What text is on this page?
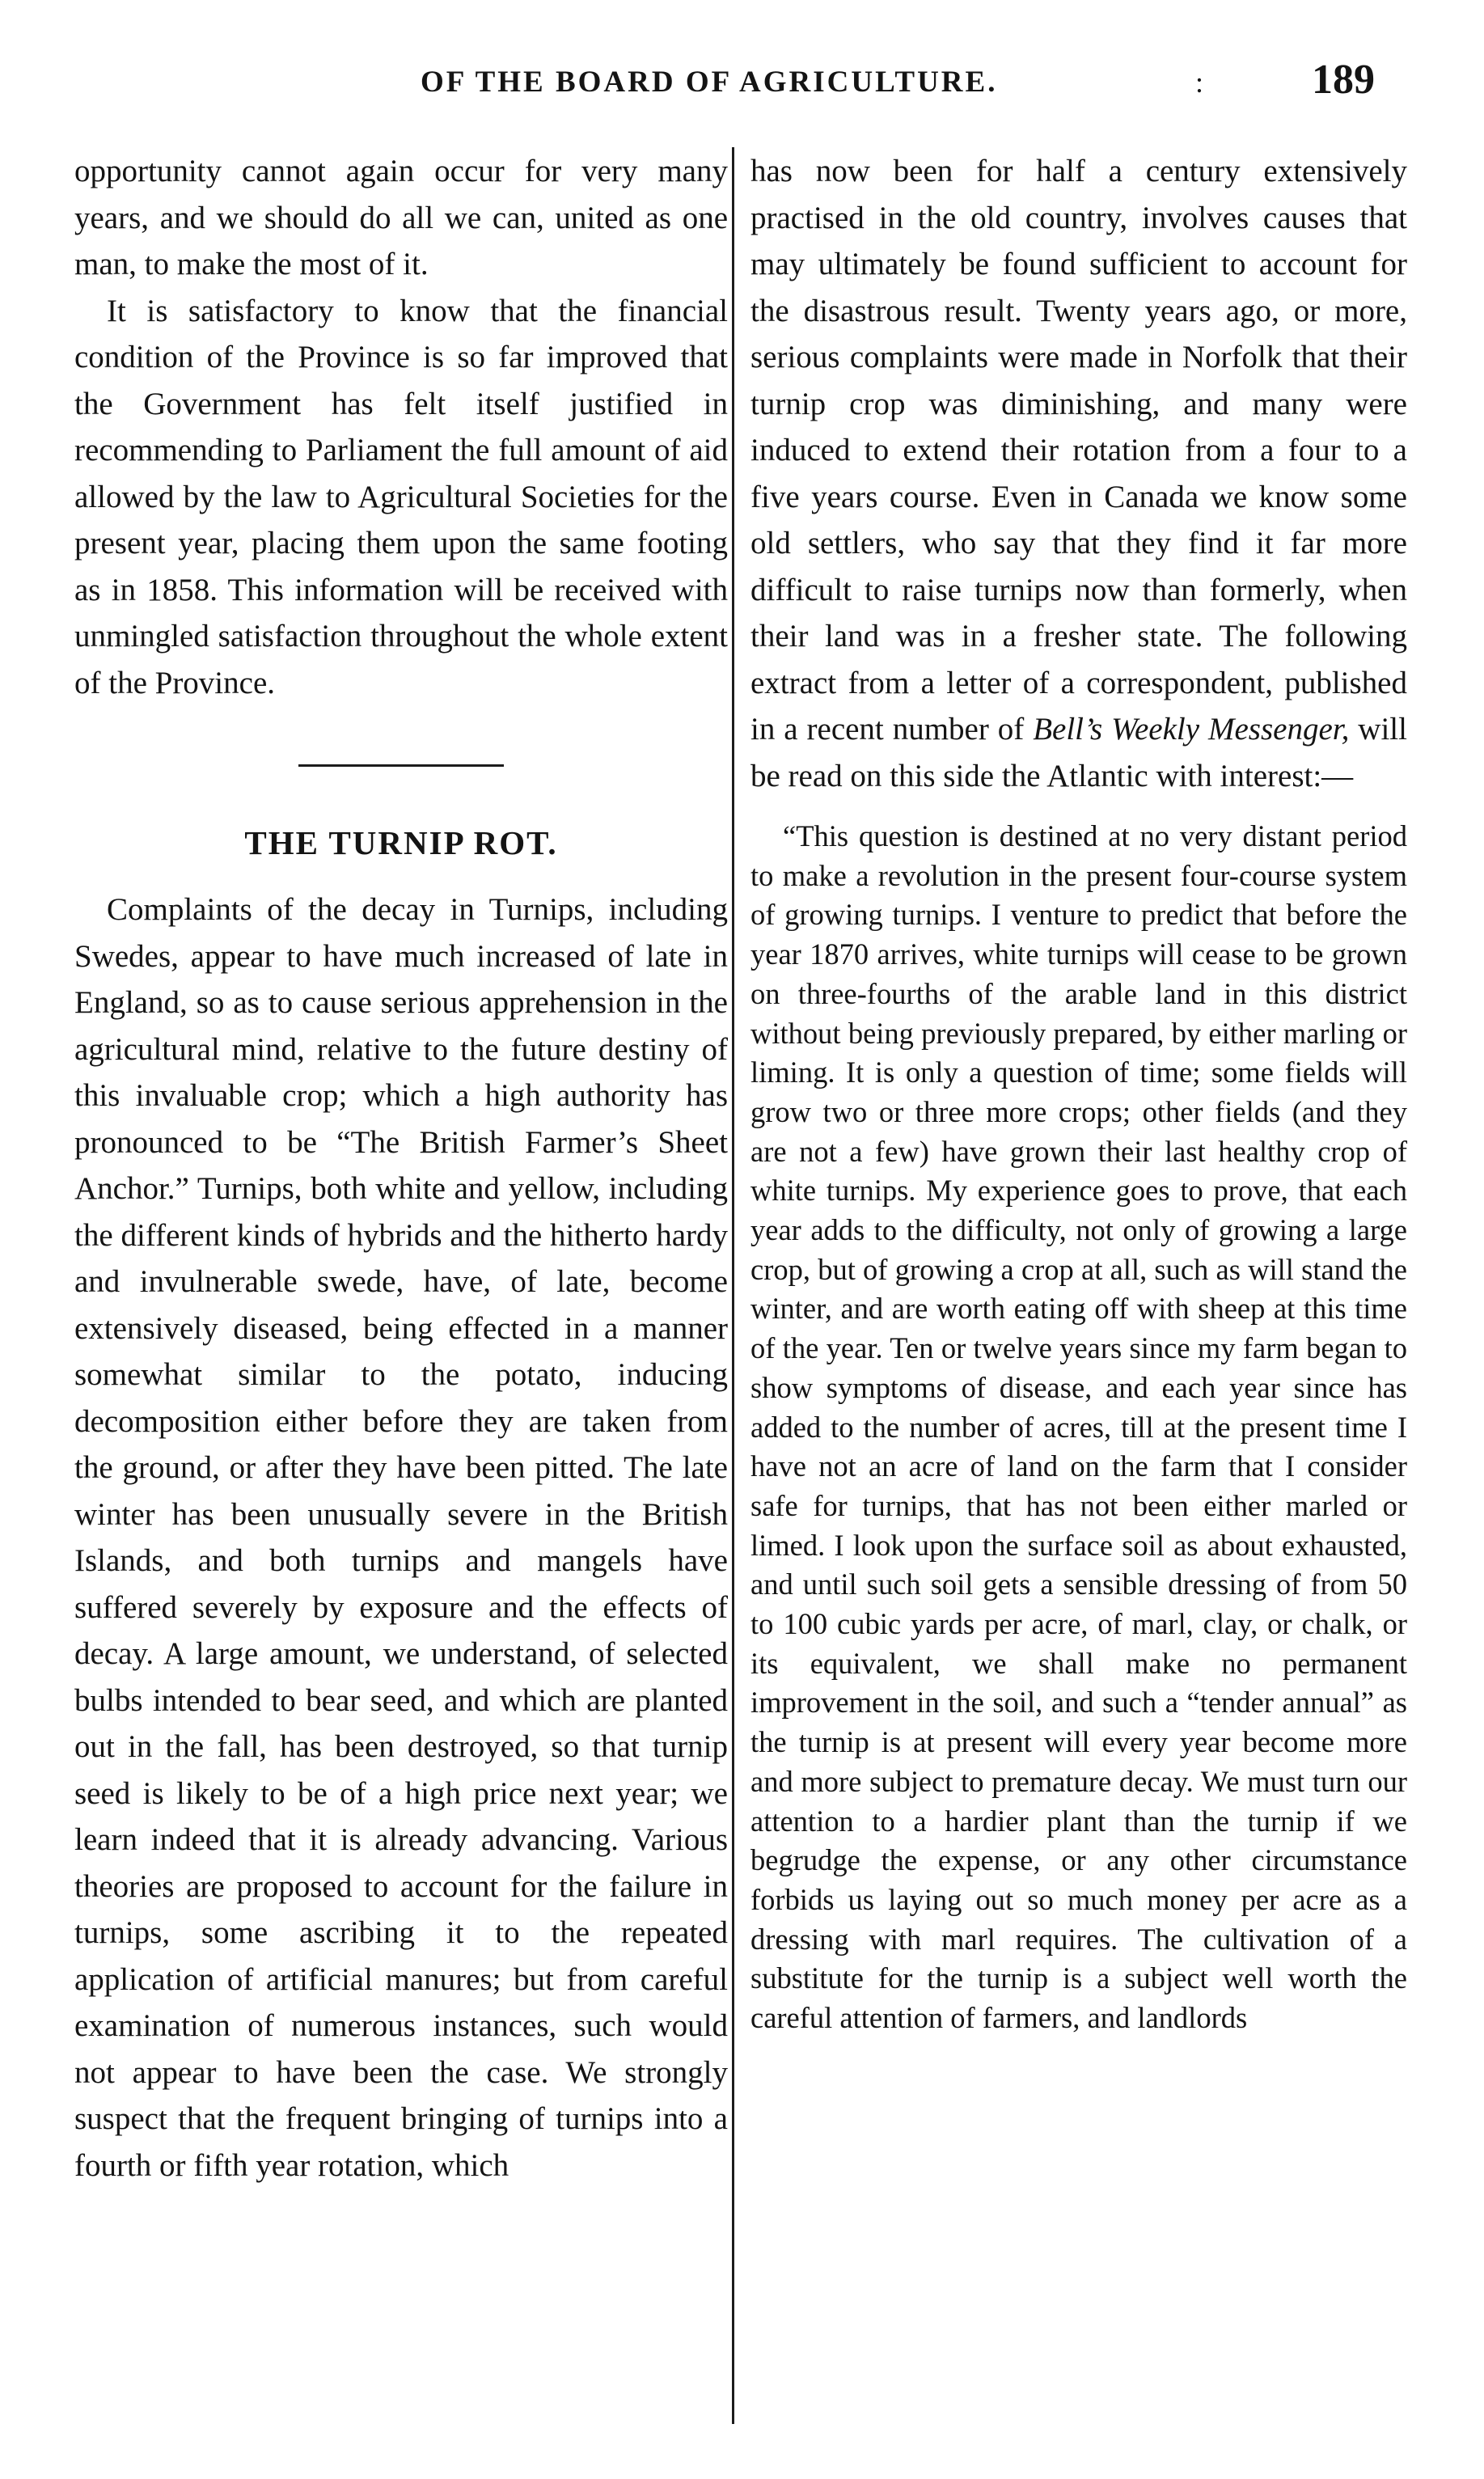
OF THE BOARD OF AGRICULTURE.	:	189

opportunity cannot again occur for very many years, and we should do all we can, united as one man, to make the most of it.

It is satisfactory to know that the financial condition of the Province is so far improved that the Government has felt itself justified in recommending to Parliament the full amount of aid allowed by the law to Agricultural Societies for the present year, placing them upon the same footing as in 1858. This information will be received with unmingled satisfaction throughout the whole extent of the Province.

THE TURNIP ROT.

Complaints of the decay in Turnips, including Swedes, appear to have much increased of late in England, so as to cause serious apprehension in the agricultural mind, relative to the future destiny of this invaluable crop; which a high authority has pronounced to be “The British Farmer’s Sheet Anchor.” Turnips, both white and yellow, including the different kinds of hybrids and the hitherto hardy and invulnerable swede, have, of late, become extensively diseased, being effected in a manner somewhat similar to the potato, inducing decomposition either before they are taken from the ground, or after they have been pitted. The late winter has been unusually severe in the British Islands, and both turnips and mangels have suffered severely by exposure and the effects of decay. A large amount, we understand, of selected bulbs intended to bear seed, and which are planted out in the fall, has been destroyed, so that turnip seed is likely to be of a high price next year; we learn indeed that it is already advancing. Various theories are proposed to account for the failure in turnips, some ascribing it to the repeated application of artificial manures; but from careful examination of numerous instances, such would not appear to have been the case. We strongly suspect that the frequent bringing of turnips into a fourth or fifth year rotation, which

has now been for half a century extensively practised in the old country, involves causes that may ultimately be found sufficient to account for the disastrous result. Twenty years ago, or more, serious complaints were made in Norfolk that their turnip crop was diminishing, and many were induced to extend their rotation from a four to a five years course. Even in Canada we know some old settlers, who say that they find it far more difficult to raise turnips now than formerly, when their land was in a fresher state. The following extract from a letter of a correspondent, published in a recent number of Bell’s Weekly Messenger, will be read on this side the Atlantic with interest:—

“This question is destined at no very distant period to make a revolution in the present four-course system of growing turnips. I venture to predict that before the year 1870 arrives, white turnips will cease to be grown on three-fourths of the arable land in this district without being previously prepared, by either marling or liming. It is only a question of time; some fields will grow two or three more crops; other fields (and they are not a few) have grown their last healthy crop of white turnips. My experience goes to prove, that each year adds to the difficulty, not only of growing a large crop, but of growing a crop at all, such as will stand the winter, and are worth eating off with sheep at this time of the year. Ten or twelve years since my farm began to show symptoms of disease, and each year since has added to the number of acres, till at the present time I have not an acre of land on the farm that I consider safe for turnips, that has not been either marled or limed. I look upon the surface soil as about exhausted, and until such soil gets a sensible dressing of from 50 to 100 cubic yards per acre, of marl, clay, or chalk, or its equivalent, we shall make no permanent improvement in the soil, and such a “tender annual” as the turnip is at present will every year become more and more subject to premature decay. We must turn our attention to a hardier plant than the turnip if we begrudge the expense, or any other circumstance forbids us laying out so much money per acre as a dressing with marl requires. The cultivation of a substitute for the turnip is a subject well worth the careful attention of farmers, and landlords
